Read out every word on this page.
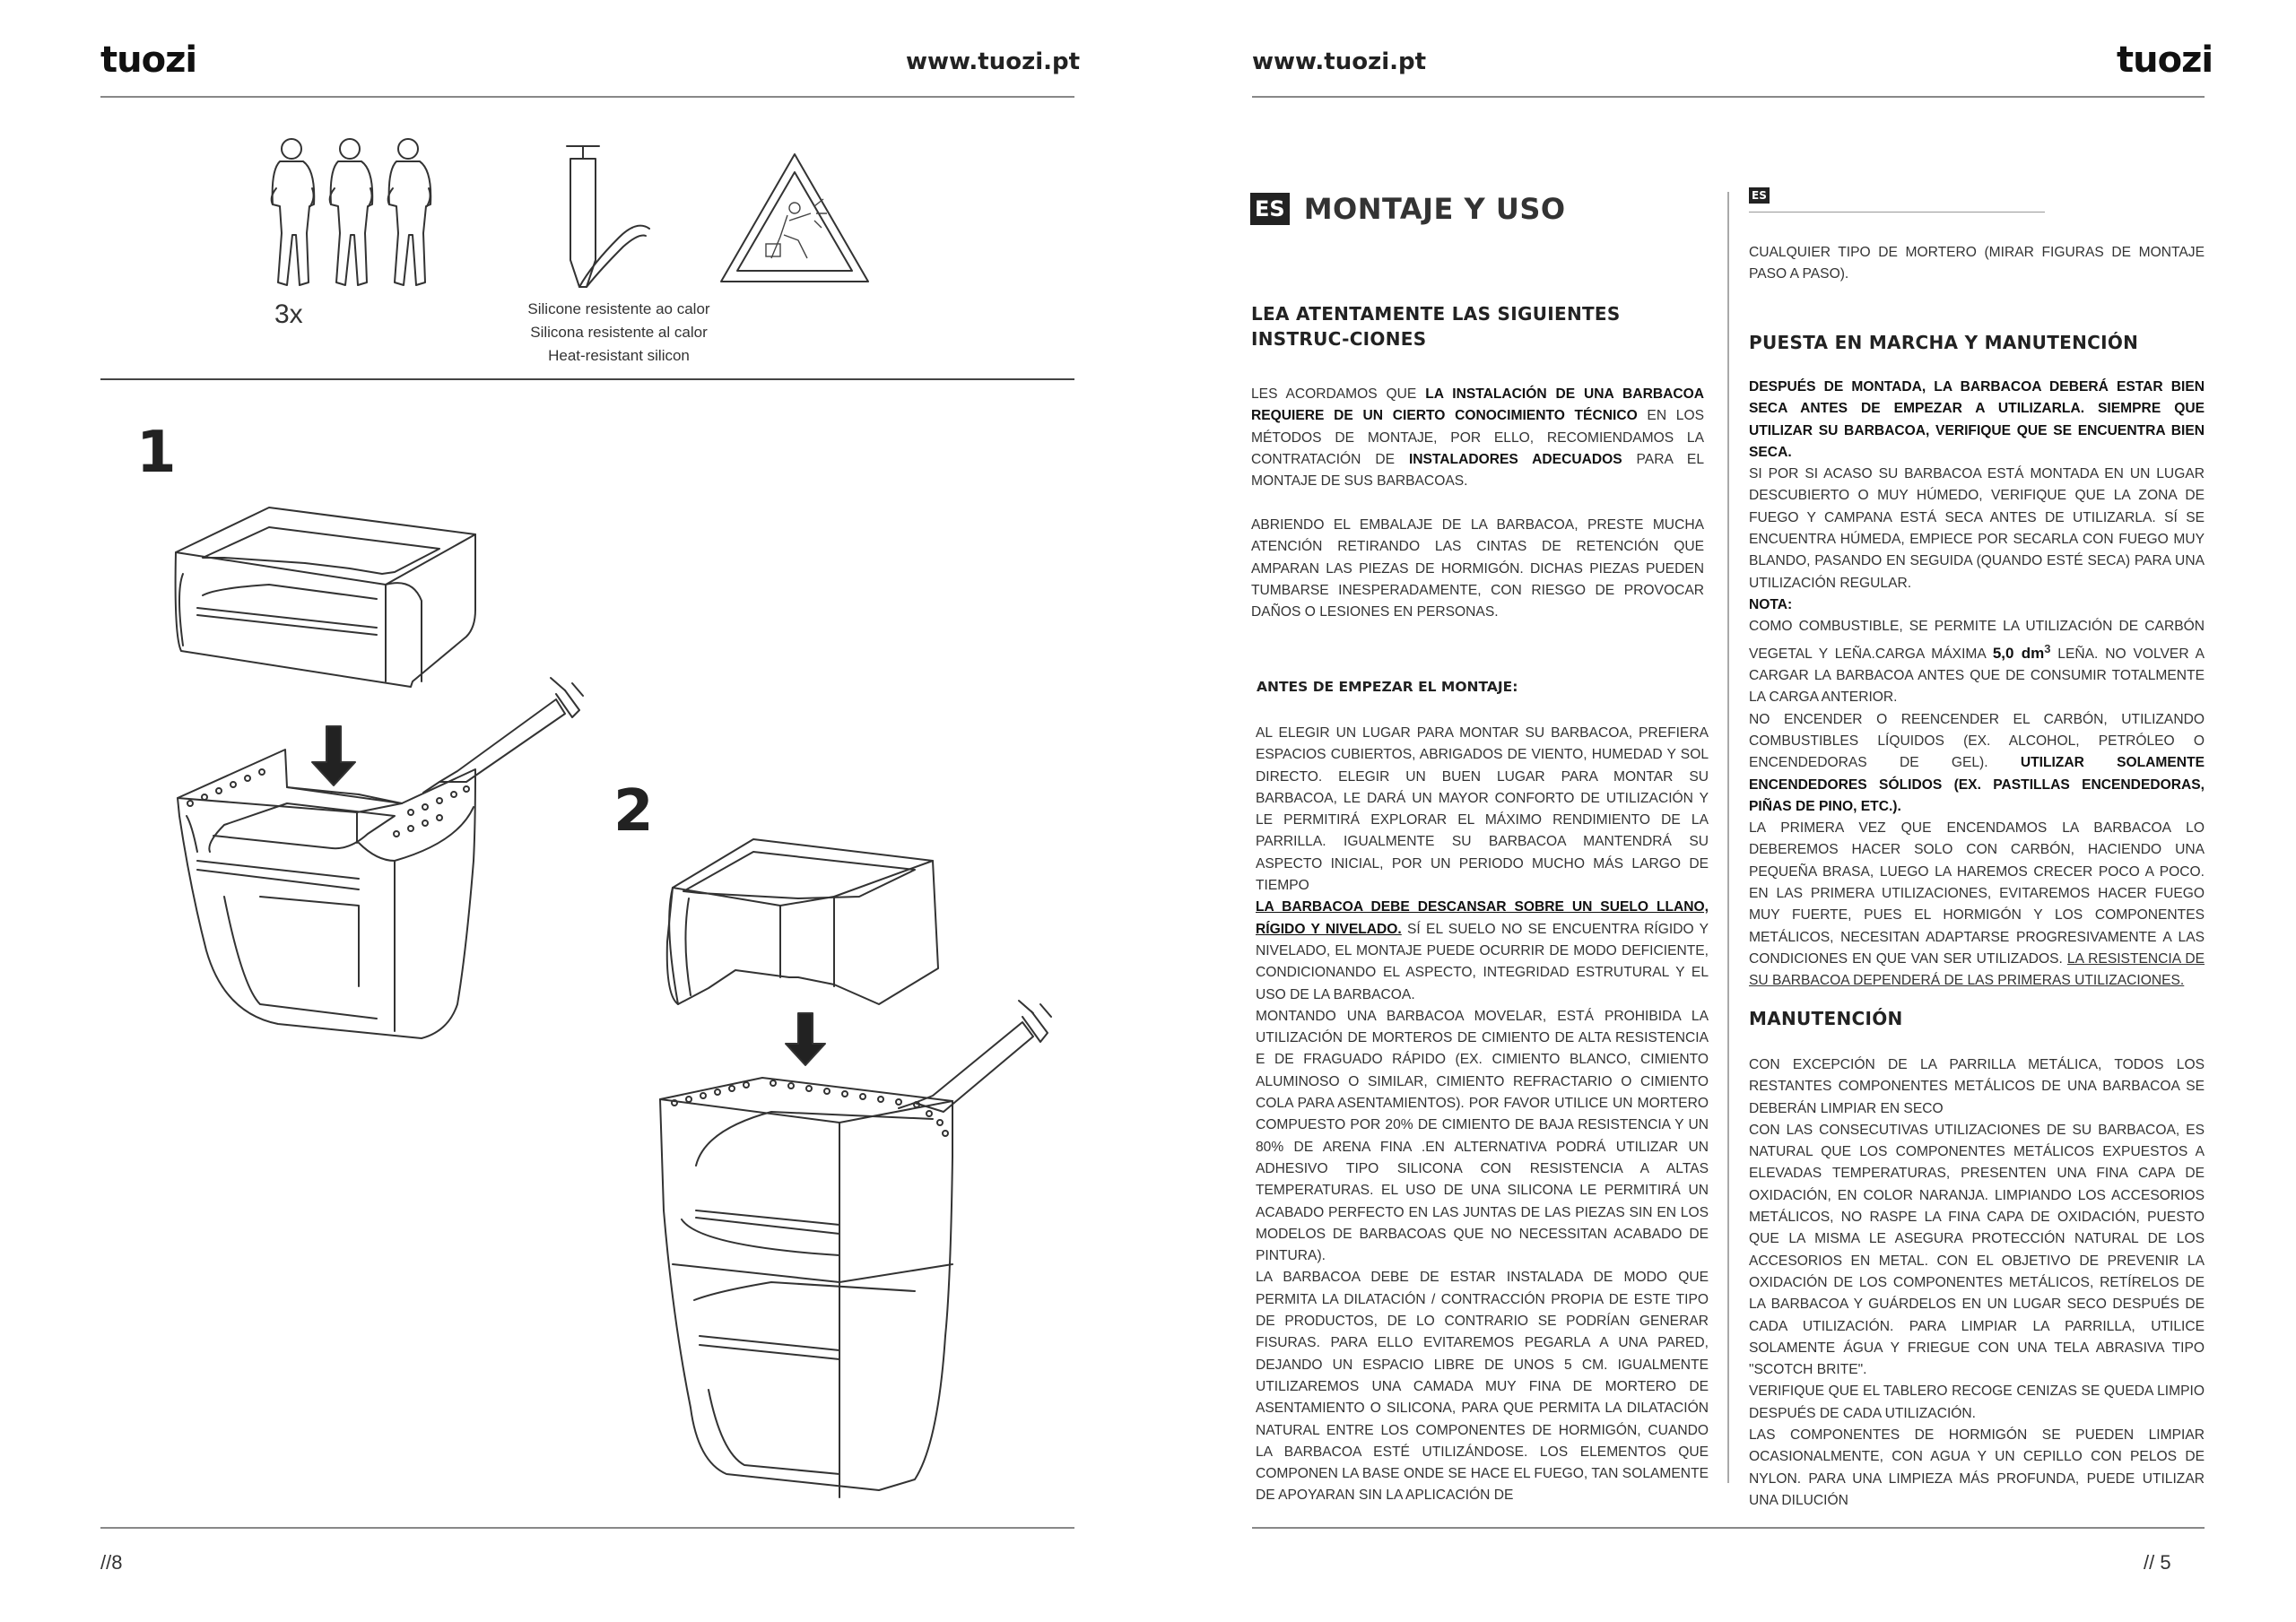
tuozi	www.tuozi.pt
3x	Silicone resistente ao calor
Silicona resistente al calor
Heat-resistant silicon
1
2
//8
www.tuozi.pt	tuozi
ES MONTAJE Y USO
LEA ATENTAMENTE LAS SIGUIENTES INSTRUC-CIONES
LES ACORDAMOS QUE LA INSTALACIÓN DE UNA BARBACOA REQUIERE DE UN CIERTO CONOCIMIENTO TÉCNICO EN LOS MÉTODOS DE MONTAJE, POR ELLO, RECOMIENDAMOS LA CONTRATACIÓN DE INSTALADORES ADECUADOS PARA EL MONTAJE DE SUS BARBACOAS.
ABRIENDO EL EMBALAJE DE LA BARBACOA, PRESTE MUCHA ATENCIÓN RETIRANDO LAS CINTAS DE RETENCIÓN QUE AMPARAN LAS PIEZAS DE HORMIGÓN. DICHAS PIEZAS PUEDEN TUMBARSE INESPERADAMENTE, CON RIESGO DE PROVOCAR DAÑOS O LESIONES EN PERSONAS.
ANTES DE EMPEZAR EL MONTAJE:

AL ELEGIR UN LUGAR PARA MONTAR SU BARBACOA, PREFIERA ESPACIOS CUBIERTOS, ABRIGADOS DE VIENTO, HUMEDAD Y SOL DIRECTO. ELEGIR UN BUEN LUGAR PARA MONTAR SU BARBACOA, LE DARÁ UN MAYOR CONFORTO DE UTILIZACIÓN Y LE PERMITIRÁ EXPLORAR EL MÁXIMO RENDIMIENTO DE LA PARRILLA. IGUALMENTE SU BARBACOA MANTENDRÁ SU ASPECTO INICIAL, POR UN PERIODO MUCHO MÁS LARGO DE TIEMPO

LA BARBACOA DEBE DESCANSAR SOBRE UN SUELO LLANO, RÍGIDO Y NIVELADO. SÍ EL SUELO NO SE ENCUENTRA RÍGIDO Y NIVELADO, EL MONTAJE PUEDE OCURRIR DE MODO DEFICIENTE, CONDICIONANDO EL ASPECTO, INTEGRIDAD ESTRUTURAL Y EL USO DE LA BARBACOA.

MONTANDO UNA BARBACOA MOVELAR, ESTÁ PROHIBIDA LA UTILIZACIÓN DE MORTEROS DE CIMIENTO DE ALTA RESISTENCIA E DE FRAGUADO RÁPIDO (EX. CIMIENTO BLANCO, CIMIENTO ALUMINOSO O SIMILAR, CIMIENTO REFRACTARIO O CIMIENTO COLA PARA ASENTAMIENTOS). POR FAVOR UTILICE UN MORTERO COMPUESTO POR 20% DE CIMIENTO DE BAJA RESISTENCIA Y UN 80% DE ARENA FINA .EN ALTERNATIVA PODRÁ UTILIZAR UN ADHESIVO TIPO SILICONA CON RESISTENCIA A ALTAS TEMPERATURAS. EL USO DE UNA SILICONA LE PERMITIRÁ UN ACABADO PERFECTO EN LAS JUNTAS DE LAS PIEZAS SIN EN LOS MODELOS DE BARBACOAS QUE NO NECESSITAN ACABADO DE PINTURA).

LA BARBACOA DEBE DE ESTAR INSTALADA DE MODO QUE PERMITA LA DILATACIÓN / CONTRACCIÓN PROPIA DE ESTE TIPO DE PRODUCTOS, DE LO CONTRARIO SE PODRÍAN GENERAR FISURAS. PARA ELLO EVITAREMOS PEGARLA A UNA PARED, DEJANDO UN ESPACIO LIBRE DE UNOS 5 CM. IGUALMENTE UTILIZAREMOS UNA CAMADA MUY FINA DE MORTERO DE ASENTAMIENTO O SILICONA, PARA QUE PERMITA LA DILATACIÓN NATURAL ENTRE LOS COMPONENTES DE HORMIGÓN, CUANDO LA BARBACOA ESTÉ UTILIZÁNDOSE. LOS ELEMENTOS QUE COMPONEN LA BASE ONDE SE HACE EL FUEGO, TAN SOLAMENTE DE APOYARAN SIN LA APLICACIÓN DE

ES
CUALQUIER TIPO DE MORTERO (MIRAR FIGURAS DE MONTAJE PASO A PASO).
PUESTA EN MARCHA Y MANUTENCIÓN

DESPUÉS DE MONTADA, LA BARBACOA DEBERÁ ESTAR BIEN SECA ANTES DE EMPEZAR A UTILIZARLA. SIEMPRE QUE UTILIZAR SU BARBACOA, VERIFIQUE QUE SE ENCUENTRA BIEN SECA.

SI POR SI ACASO SU BARBACOA ESTÁ MONTADA EN UN LUGAR DESCUBIERTO O MUY HÚMEDO, VERIFIQUE QUE LA ZONA DE FUEGO Y CAMPANA ESTÁ SECA ANTES DE UTILIZARLA. SÍ SE ENCUENTRA HÚMEDA, EMPIECE POR SECARLA CON FUEGO MUY BLANDO, PASANDO EN SEGUIDA (QUANDO ESTÉ SECA) PARA UNA UTILIZACIÓN REGULAR.

NOTA:

COMO COMBUSTIBLE, SE PERMITE LA UTILIZACIÓN DE CARBÓN VEGETAL Y LEÑA.CARGA MÁXIMA 5,0 $dm^3$ LEÑA. NO VOLVER A CARGAR LA BARBACOA ANTES QUE DE CONSUMIR TOTALMENTE LA CARGA ANTERIOR.

NO ENCENDER O REENCENDER EL CARBÓN, UTILIZANDO COMBUSTIBLES LÍQUIDOS (EX. ALCOHOL, PETRÓLEO O ENCENDEDORAS DE GEL). UTILIZAR SOLAMENTE ENCENDEDORES SÓLIDOS (EX. PASTILLAS ENCENDEDORAS, PIÑAS DE PINO, ETC.).

LA PRIMERA VEZ QUE ENCENDAMOS LA BARBACOA LO DEBEREMOS HACER SOLO CON CARBÓN, HACIENDO UNA PEQUEÑA BRASA, LUEGO LA HAREMOS CRECER POCO A POCO. EN LAS PRIMERA UTILIZACIONES, EVITAREMOS HACER FUEGO MUY FUERTE, PUES EL HORMIGÓN Y LOS COMPONENTES METÁLICOS, NECESITAN ADAPTARSE PROGRESIVAMENTE A LAS CONDICIONES EN QUE VAN SER UTILIZADOS. LA RESISTENCIA DE SU BARBACOA DEPENDERÁ DE LAS PRIMERAS UTILIZACIONES.

MANUTENCIÓN

CON EXCEPCIÓN DE LA PARRILLA METÁLICA, TODOS LOS RESTANTES COMPONENTES METÁLICOS DE UNA BARBACOA SE DEBERÁN LIMPIAR EN SECO

CON LAS CONSECUTIVAS UTILIZACIONES DE SU BARBACOA, ES NATURAL QUE LOS COMPONENTES METÁLICOS EXPUESTOS A ELEVADAS TEMPERATURAS, PRESENTEN UNA FINA CAPA DE OXIDACIÓN, EN COLOR NARANJA. LIMPIANDO LOS ACCESORIOS METÁLICOS, NO RASPE LA FINA CAPA DE OXIDACIÓN, PUESTO QUE LA MISMA LE ASEGURA PROTECCIÓN NATURAL DE LOS ACCESORIOS EN METAL. CON EL OBJETIVO DE PREVENIR LA OXIDACIÓN DE LOS COMPONENTES METÁLICOS, RETÍRELOS DE LA BARBACOA Y GUÁRDELOS EN UN LUGAR SECO DESPUÉS DE CADA UTILIZACIÓN. PARA LIMPIAR LA PARRILLA, UTILICE SOLAMENTE ÁGUA Y FRIEGUE CON UNA TELA ABRASIVA TIPO "SCOTCH BRITE".

VERIFIQUE QUE EL TABLERO RECOGE CENIZAS SE QUEDA LIMPIO DESPUÉS DE CADA UTILIZACIÓN.

LAS COMPONENTES DE HORMIGÓN SE PUEDEN LIMPIAR OCASIONALMENTE, CON AGUA Y UN CEPILLO CON PELOS DE NYLON. PARA UNA LIMPIEZA MÁS PROFUNDA, PUEDE UTILIZAR UNA DILUCIÓN

// 5
